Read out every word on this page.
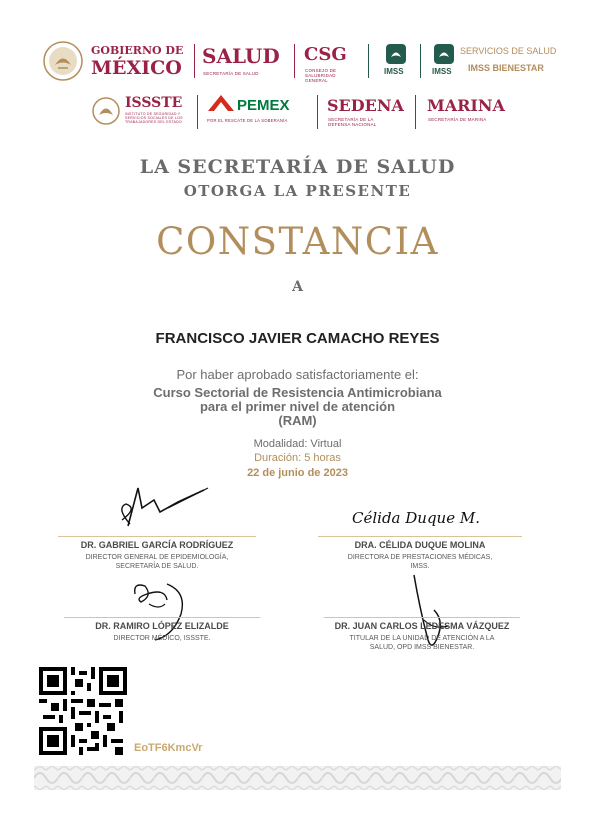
GOBIERNO DE
MÉXICO SALUD
SECRETARÍA DE SALUD
CSG
CONSEJO DE SALUBRIDAD GENERAL
IMSS	IMSS
SERVICIOS DE SALUD
IMSS BIENESTAR
ISSSTE
INSTITUTO DE SEGURIDAD Y SERVICIOS SOCIALES DE LOS TRABAJADORES DEL ESTADO
PEMEX
POR EL RESCATE DE LA SOBERANÍA
SEDENA
SECRETARÍA DE LA DEFENSA NACIONAL
MARINA
SECRETARÍA DE MARINA
LA SECRETARÍA DE SALUD
OTORGA LA PRESENTE
CONSTANCIA
A
FRANCISCO JAVIER CAMACHO REYES
Por haber aprobado satisfactoriamente el:
Curso Sectorial de Resistencia Antimicrobiana
para el primer nivel de atención
(RAM)
Modalidad: Virtual
Duración: 5 horas
22 de junio de 2023
DR. GABRIEL GARCÍA RODRÍGUEZ
DIRECTOR GENERAL DE EPIDEMIOLOGÍA,
SECRETARÍA DE SALUD.
Célida Duque M.
DRA. CÉLIDA DUQUE MOLINA
DIRECTORA DE PRESTACIONES MÉDICAS,
IMSS.
DR. RAMIRO LÓPEZ ELIZALDE
DIRECTOR MÉDICO, ISSSTE.
DR. JUAN CARLOS LEDESMA VÁZQUEZ
TITULAR DE LA UNIDAD DE ATENCIÓN A LA
SALUD, OPD IMSS BIENESTAR.
EoTF6KmcVr
